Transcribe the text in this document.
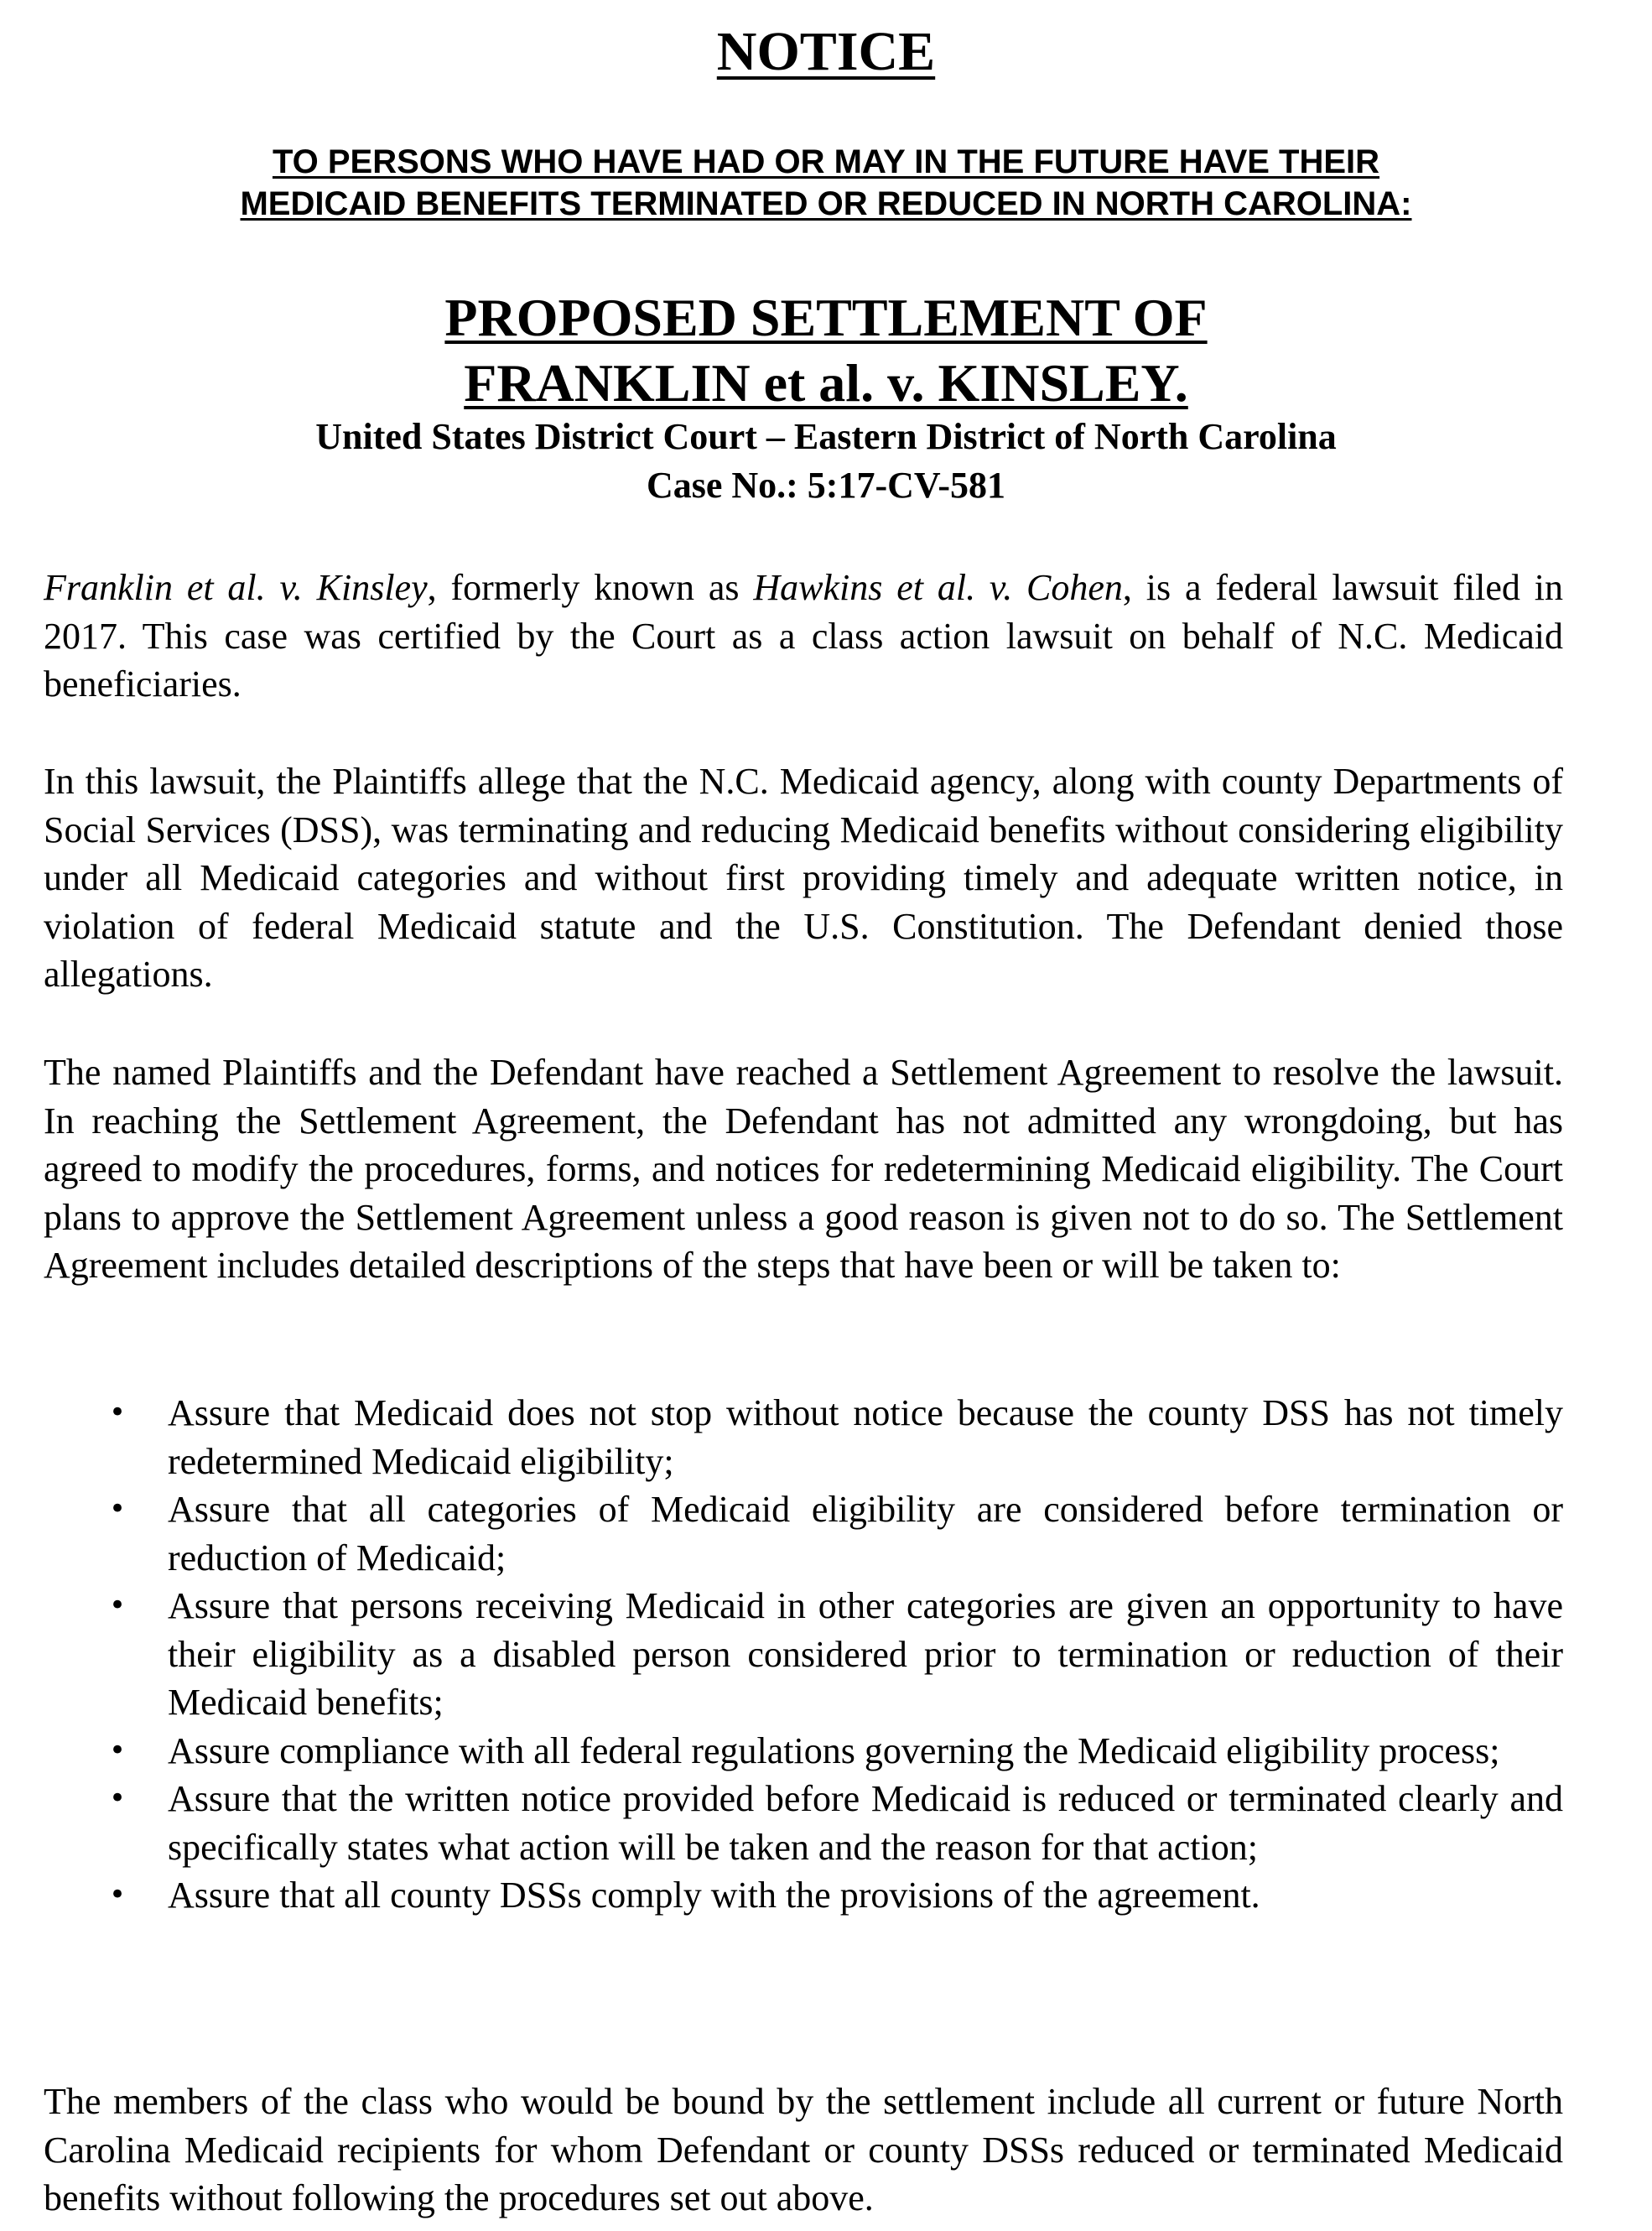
NOTICE
TO PERSONS WHO HAVE HAD OR MAY IN THE FUTURE HAVE THEIR
MEDICAID BENEFITS TERMINATED OR REDUCED IN NORTH CAROLINA:
PROPOSED SETTLEMENT OF
FRANKLIN et al. v. KINSLEY.
United States District Court – Eastern District of North Carolina
Case No.: 5:17-CV-581

Franklin et al. v. Kinsley, formerly known as Hawkins et al. v. Cohen, is a federal lawsuit filed in 2017. This case was certified by the Court as a class action lawsuit on behalf of N.C. Medicaid beneficiaries.

In this lawsuit, the Plaintiffs allege that the N.C. Medicaid agency, along with county Departments of Social Services (DSS), was terminating and reducing Medicaid benefits without considering eligibility under all Medicaid categories and without first providing timely and adequate written notice, in violation of federal Medicaid statute and the U.S. Constitution. The Defendant denied those allegations.

The named Plaintiffs and the Defendant have reached a Settlement Agreement to resolve the lawsuit. In reaching the Settlement Agreement, the Defendant has not admitted any wrongdoing, but has agreed to modify the procedures, forms, and notices for redetermining Medicaid eligibility. The Court plans to approve the Settlement Agreement unless a good reason is given not to do so. The Settlement Agreement includes detailed descriptions of the steps that have been or will be taken to:

• Assure that Medicaid does not stop without notice because the county DSS has not timely redetermined Medicaid eligibility;
• Assure that all categories of Medicaid eligibility are considered before termination or reduction of Medicaid;
• Assure that persons receiving Medicaid in other categories are given an opportunity to have their eligibility as a disabled person considered prior to termination or reduction of their Medicaid benefits;
• Assure compliance with all federal regulations governing the Medicaid eligibility process;
• Assure that the written notice provided before Medicaid is reduced or terminated clearly and specifically states what action will be taken and the reason for that action;
• Assure that all county DSSs comply with the provisions of the agreement.

The members of the class who would be bound by the settlement include all current or future North Carolina Medicaid recipients for whom Defendant or county DSSs reduced or terminated Medicaid benefits without following the procedures set out above.
